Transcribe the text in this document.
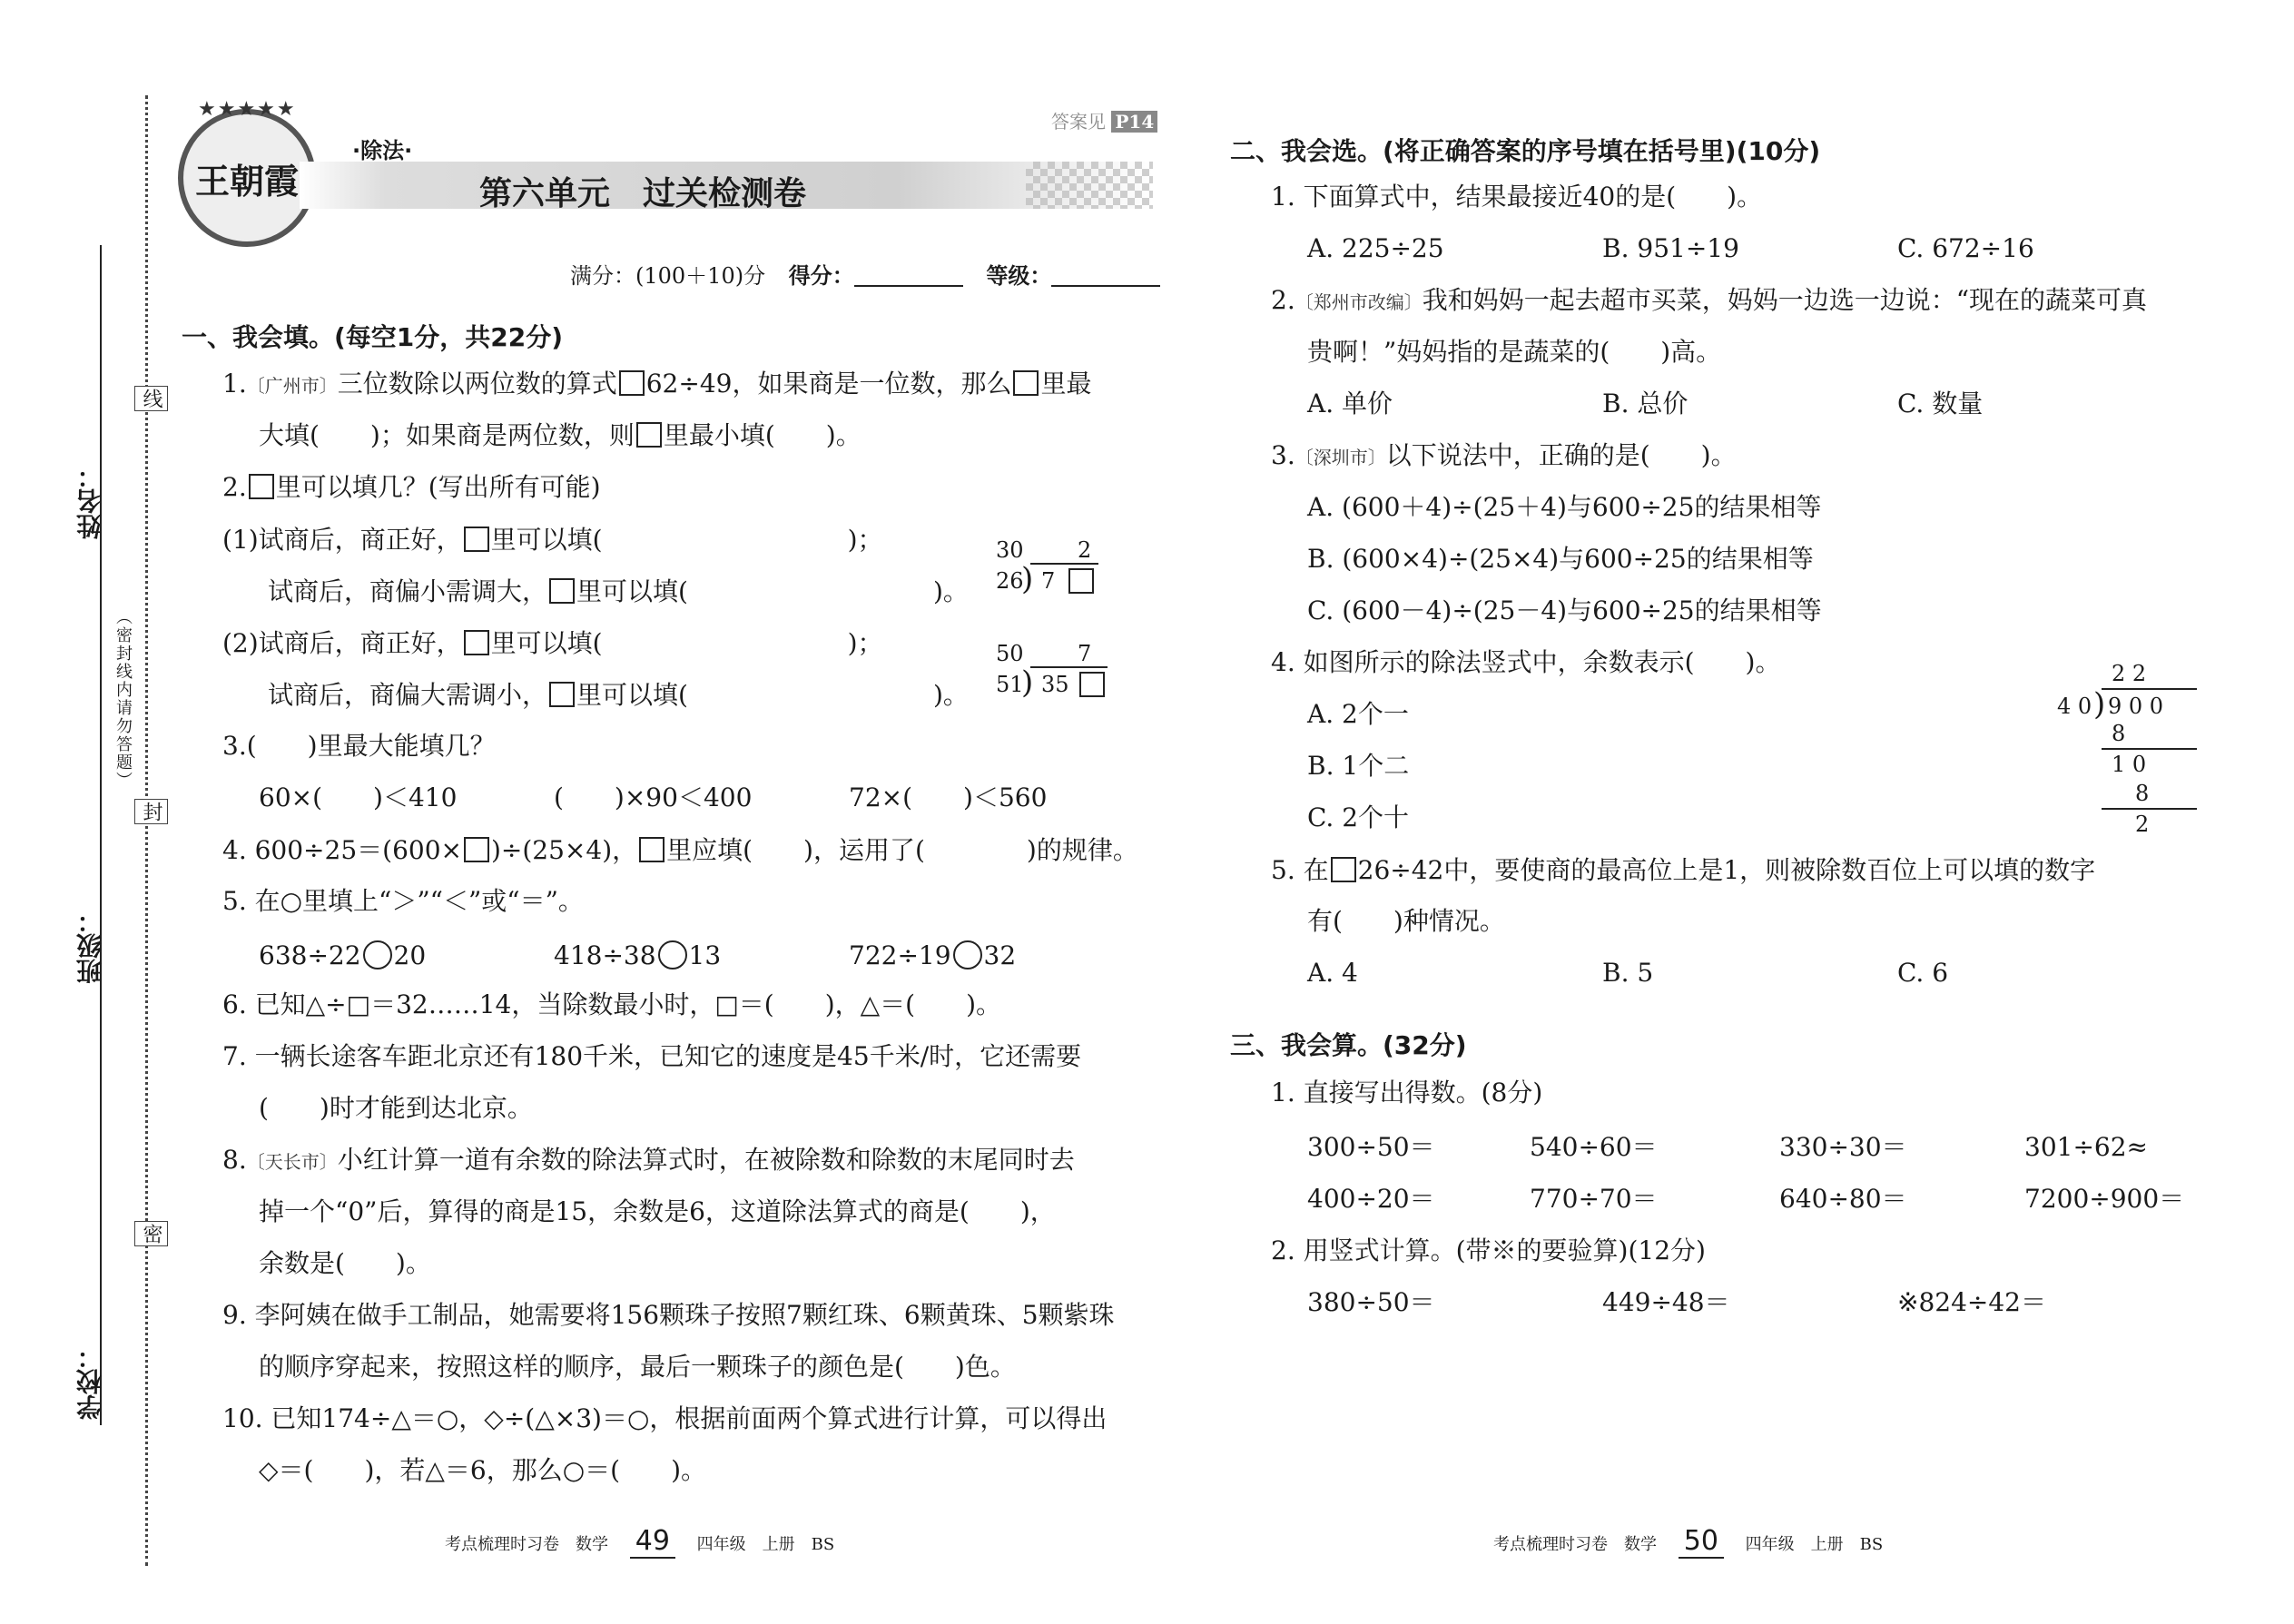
姓名：
班级：
学校：
线
封
密
（密封线内请勿答题）
王朝霞
★★★★★
·除法·
答案见 P14
第六单元　过关检测卷
满分：(100＋10)分 得分：	等级：
一、我会填。(每空1分，共22分)
1.〔广州市〕三位数除以两位数的算式 62÷49，如果商是一位数，那么 里最
大填(　　)；如果商是两位数，则 里最小填(　　)。
2. 里可以填几？(写出所有可能)
(1)试商后，商正好， 里可以填(	)；
试商后，商偏小需调大， 里可以填(	)。
30 2
26
) 7
(2)试商后，商正好， 里可以填(	)；
试商后，商偏大需调小， 里可以填(	)。
50 7
51
) 35
3.(　　)里最大能填几？
60×(　　)＜410	(　　)×90＜400	72×(　　)＜560
4. 600÷25＝(600× )÷(25×4)， 里应填(　　)，运用了(　　　　)的规律。
5. 在○里填上“＞”“＜”或“＝”。
638÷22 20	418÷38 13	722÷19 32
6. 已知△÷□＝32……14，当除数最小时，□＝(　　)，△＝(　　)。
7. 一辆长途客车距北京还有180千米，已知它的速度是45千米/时，它还需要
(　　)时才能到达北京。
8.〔天长市〕小红计算一道有余数的除法算式时，在被除数和除数的末尾同时去
掉一个“0”后，算得的商是15，余数是6，这道除法算式的商是(　　)，
余数是(　　)。
9. 李阿姨在做手工制品，她需要将156颗珠子按照7颗红珠、6颗黄珠、5颗紫珠
的顺序穿起来，按照这样的顺序，最后一颗珠子的颜色是(　　)色。
10. 已知174÷△＝○，◇÷(△×3)＝○，根据前面两个算式进行计算，可以得出
◇＝(　　)，若△＝6，那么○＝(　　)。
考点梳理时习卷　数学 49 四年级　上册　BS
二、我会选。(将正确答案的序号填在括号里)(10分)
1. 下面算式中，结果最接近40的是(　　)。
A. 225÷25	B. 951÷19	C. 672÷16
2.〔郑州市改编〕我和妈妈一起去超市买菜，妈妈一边选一边说：“现在的蔬菜可真
贵啊！”妈妈指的是蔬菜的(　　)高。
A. 单价	B. 总价	C. 数量
3.〔深圳市〕以下说法中，正确的是(　　)。
A. (600＋4)÷(25＋4)与600÷25的结果相等
B. (600×4)÷(25×4)与600÷25的结果相等
C. (600－4)÷(25－4)与600÷25的结果相等
4. 如图所示的除法竖式中，余数表示(　　)。
A. 2个一
B. 1个二
C. 2个十

2 2

4 0

)

9 0 0

8

1 0

8

2

5. 在 26÷42中，要使商的最高位上是1，则被除数百位上可以填的数字
有(　　)种情况。
A. 4	B. 5	C. 6
三、我会算。(32分)
1. 直接写出得数。(8分)
300÷50＝	540÷60＝	330÷30＝	301÷62≈
400÷20＝	770÷70＝	640÷80＝	7200÷900＝
2. 用竖式计算。(带※的要验算)(12分)
380÷50＝	449÷48＝	※824÷42＝
考点梳理时习卷　数学 50 四年级　上册　BS
